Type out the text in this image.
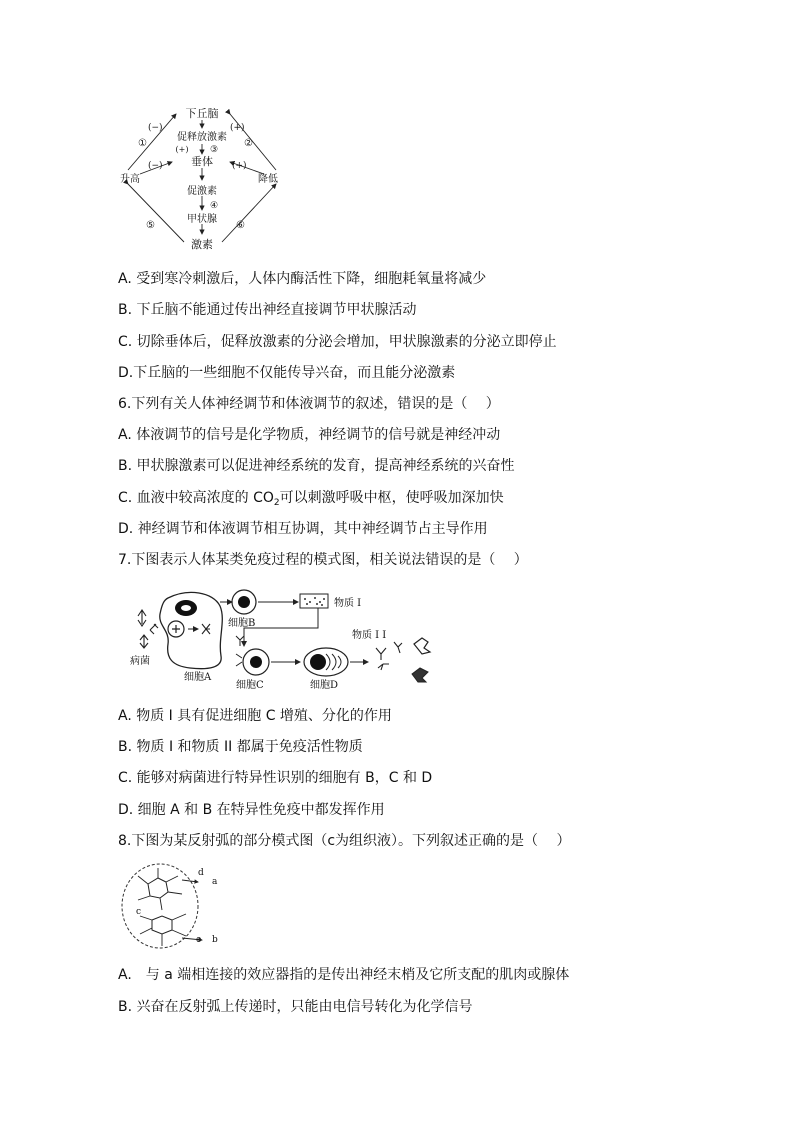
下丘脑
促释放激素
(+) ③
垂体
促激素
④
甲状腺
激素
升高	降低
(−)
①
(+)
②
(−)	(+)
⑤	⑥
A. 受到寒冷刺激后，人体内酶活性下降，细胞耗氧量将减少
B. 下丘脑不能通过传出神经直接调节甲状腺活动
C. 切除垂体后，促释放激素的分泌会增加，甲状腺激素的分泌立即停止
D.下丘脑的一些细胞不仅能传导兴奋，而且能分泌激素
6.下列有关人体神经调节和体液调节的叙述，错误的是（　 ）
A. 体液调节的信号是化学物质，神经调节的信号就是神经冲动
B. 甲状腺激素可以促进神经系统的发育，提高神经系统的兴奋性
C. 血液中较高浓度的 $CO_2$可以刺激呼吸中枢，使呼吸加深加快
D. 神经调节和体液调节相互协调，其中神经调节占主导作用
7.下图表示人体某类免疫过程的模式图，相关说法错误的是（　 ）
物质 I
物质 I I
细胞B
病菌
细胞A
细胞C	细胞D
A. 物质 I 具有促进细胞 C 增殖、分化的作用
B. 物质 I 和物质 II 都属于免疫活性物质
C. 能够对病菌进行特异性识别的细胞有 B，C 和 D
D. 细胞 A 和 B 在特异性免疫中都发挥作用
8.下图为某反射弧的部分模式图（c为组织液）。下列叙述正确的是（　 ）
d
a
c
e b
A.　与 a 端相连接的效应器指的是传出神经末梢及它所支配的肌肉或腺体
B. 兴奋在反射弧上传递时，只能由电信号转化为化学信号
